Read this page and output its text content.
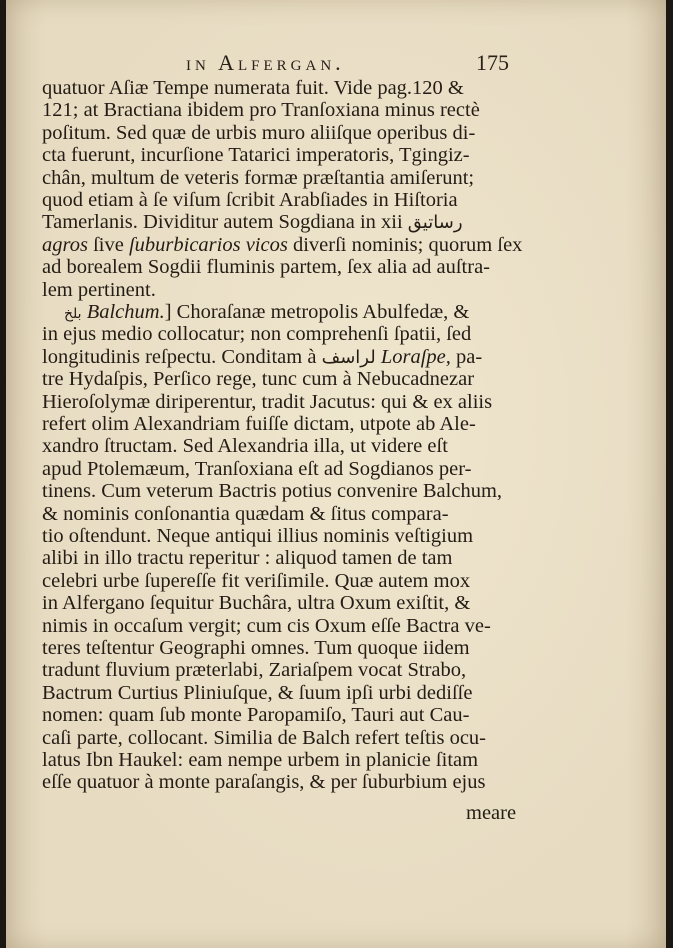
in Alfergan.	175
quatuor Aſiæ Tempe numerata fuit. Vide pag.120 &
121; at Bractiana ibidem pro Tranſoxiana minus rectè
poſitum. Sed quæ de urbis muro aliiſque operibus di-
cta fuerunt, incurſione Tatarici imperatoris, Tgingiz-
chân, multum de veteris formæ præſtantia amiſerunt;
quod etiam à ſe viſum ſcribit Arabſiades in Hiſtoria
Tamerlanis. Dividitur autem Sogdiana in xii رساتيق
agros ſive ſuburbicarios vicos diverſi nominis; quorum ſex
ad borealem Sogdii fluminis partem, ſex alia ad auſtra-
lem pertinent.
بلخ Balchum.] Choraſanæ metropolis Abulfedæ, &
in ejus medio collocatur; non comprehenſi ſpatii, ſed
longitudinis reſpectu. Conditam à لراسف Loraſpe, pa-
tre Hydaſpis, Perſico rege, tunc cum à Nebucadnezar
Hieroſolymæ diriperentur, tradit Jacutus: qui & ex aliis
refert olim Alexandriam fuiſſe dictam, utpote ab Ale-
xandro ſtructam. Sed Alexandria illa, ut videre eſt
apud Ptolemæum, Tranſoxiana eſt ad Sogdianos per-
tinens. Cum veterum Bactris potius convenire Balchum,
& nominis conſonantia quædam & ſitus compara-
tio oſtendunt. Neque antiqui illius nominis veſtigium
alibi in illo tractu reperitur : aliquod tamen de tam
celebri urbe ſupereſſe fit veriſimile. Quæ autem mox
in Alfergano ſequitur Buchâra, ultra Oxum exiſtit, &
nimis in occaſum vergit; cum cis Oxum eſſe Bactra ve-
teres teſtentur Geographi omnes. Tum quoque iidem
tradunt fluvium præterlabi, Zariaſpem vocat Strabo,
Bactrum Curtius Pliniuſque, & ſuum ipſi urbi dediſſe
nomen: quam ſub monte Paropamiſo, Tauri aut Cau-
caſi parte, collocant. Similia de Balch refert teſtis ocu-
latus Ibn Haukel: eam nempe urbem in planicie ſitam
eſſe quatuor à monte paraſangis, & per ſuburbium ejus
meare
